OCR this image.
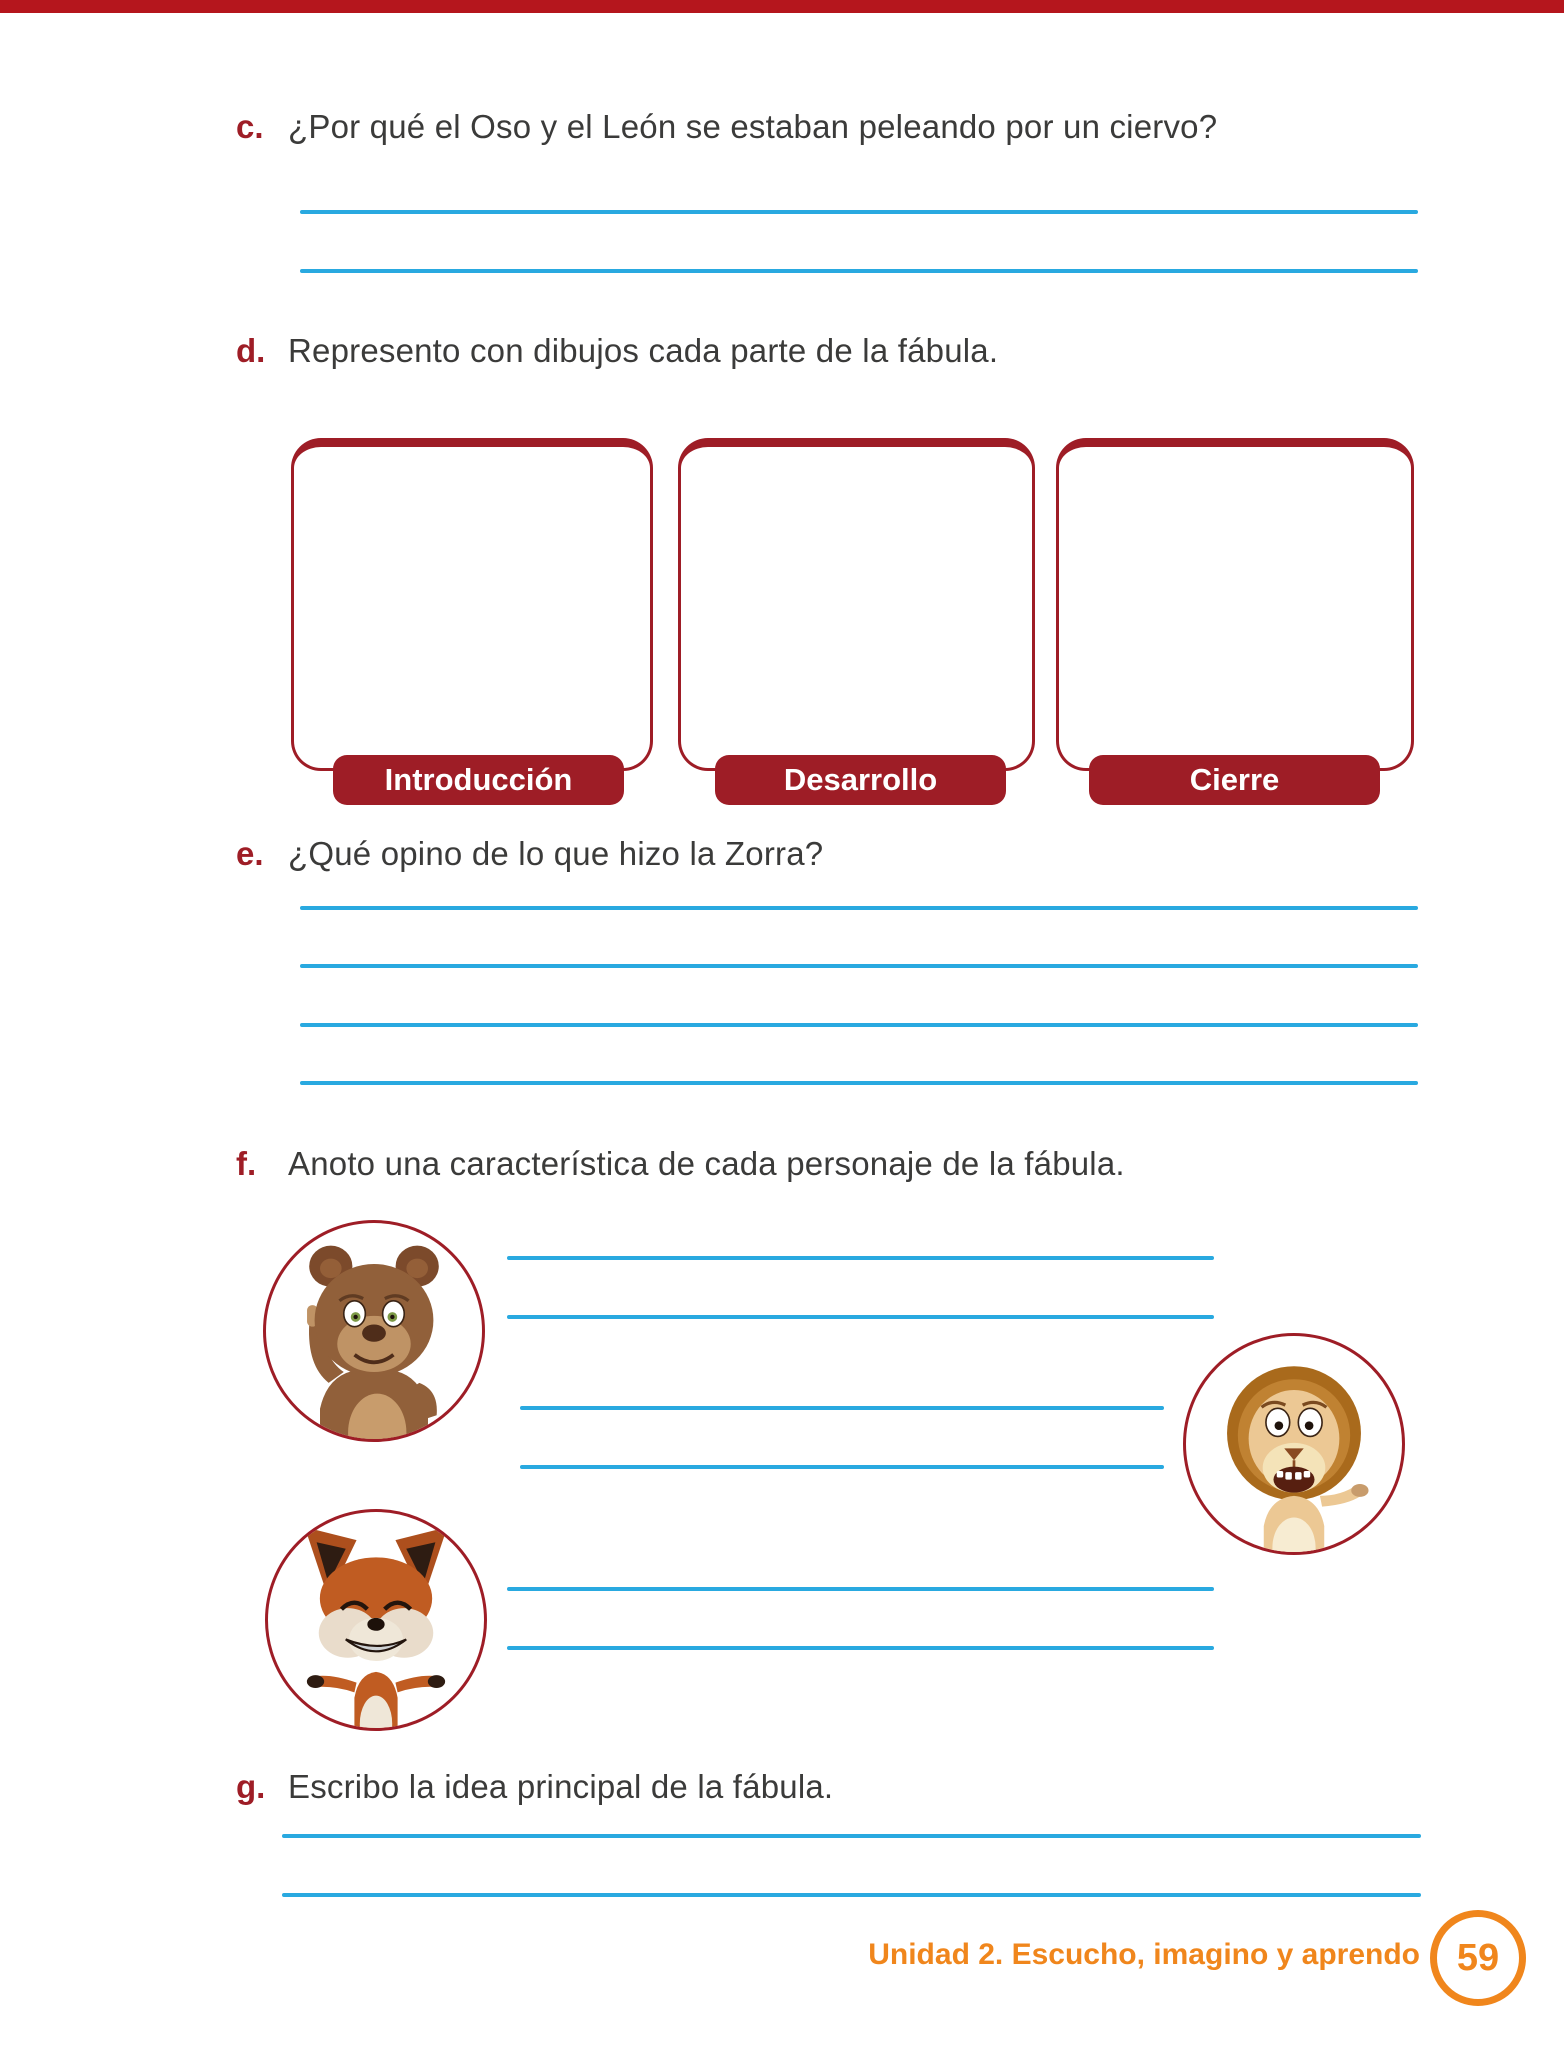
c. ¿Por qué el Oso y el León se estaban peleando por un ciervo?
d. Represento con dibujos cada parte de la fábula.
Introducción	Desarrollo	Cierre
e. ¿Qué opino de lo que hizo la Zorra?
f. Anoto una característica de cada personaje de la fábula.
g. Escribo la idea principal de la fábula.
Unidad 2. Escucho, imagino y aprendo 59
